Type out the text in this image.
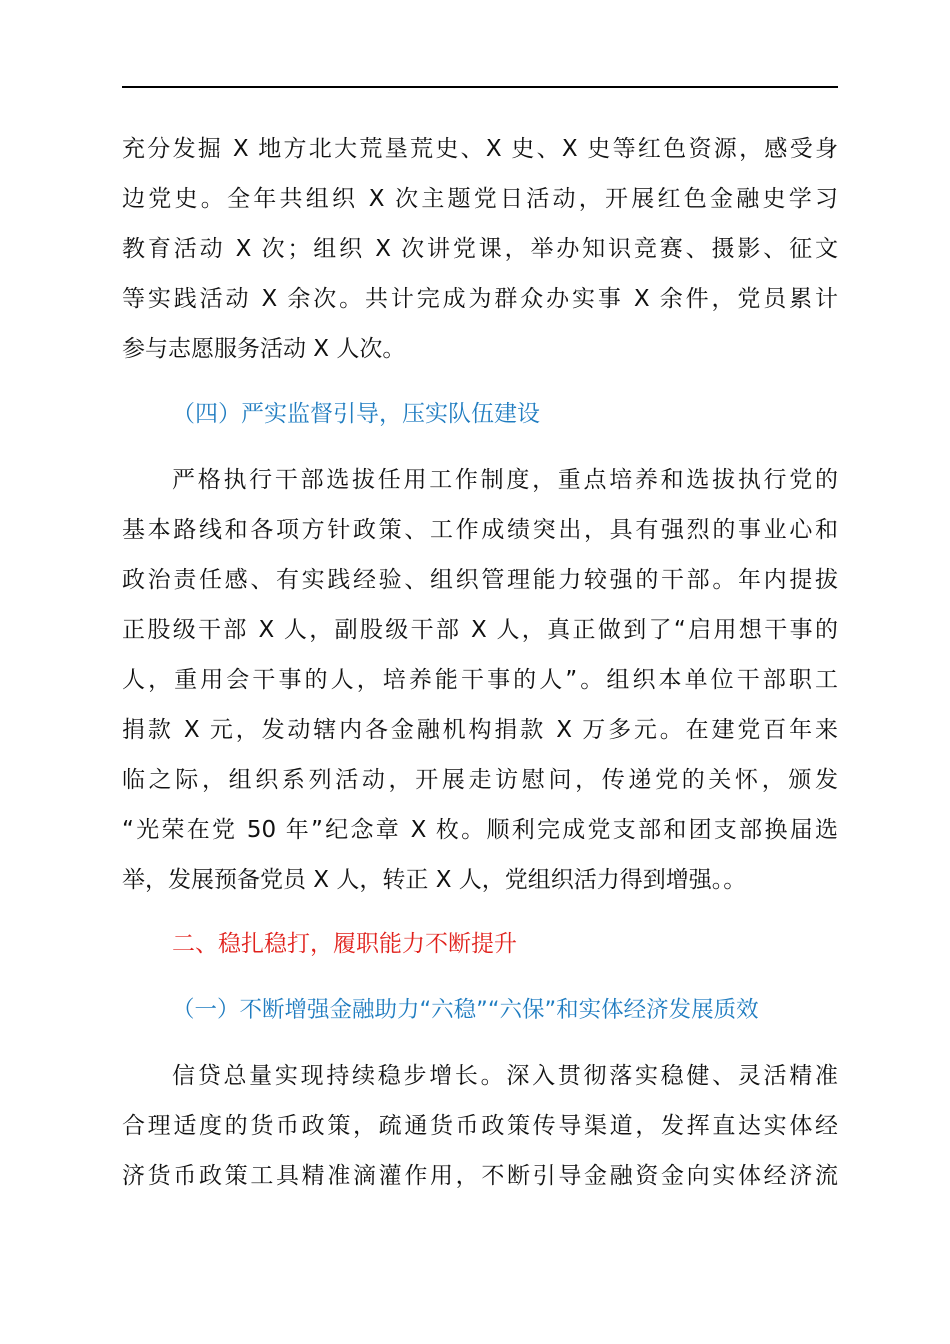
充分发掘 X 地方北大荒垦荒史、X 史、X 史等红色资源，感受身

边党史。全年共组织 X 次主题党日活动，开展红色金融史学习

教育活动 X 次；组织 X 次讲党课，举办知识竞赛、摄影、征文

等实践活动 X 余次。共计完成为群众办实事 X 余件，党员累计

参与志愿服务活动 X 人次。

（四）严实监督引导，压实队伍建设

严格执行干部选拔任用工作制度，重点培养和选拔执行党的

基本路线和各项方针政策、工作成绩突出，具有强烈的事业心和

政治责任感、有实践经验、组织管理能力较强的干部。年内提拔

正股级干部 X 人，副股级干部 X 人，真正做到了“启用想干事的

人，重用会干事的人，培养能干事的人”。组织本单位干部职工

捐款 X 元，发动辖内各金融机构捐款 X 万多元。在建党百年来

临之际，组织系列活动，开展走访慰问，传递党的关怀，颁发

“光荣在党 50 年”纪念章 X 枚。顺利完成党支部和团支部换届选

举，发展预备党员 X 人，转正 X 人，党组织活力得到增强。。

二、稳扎稳打，履职能力不断提升
（一）不断增强金融助力“六稳”“六保”和实体经济发展质效

信贷总量实现持续稳步增长。深入贯彻落实稳健、灵活精准

合理适度的货币政策，疏通货币政策传导渠道，发挥直达实体经

济货币政策工具精准滴灌作用，不断引导金融资金向实体经济流
